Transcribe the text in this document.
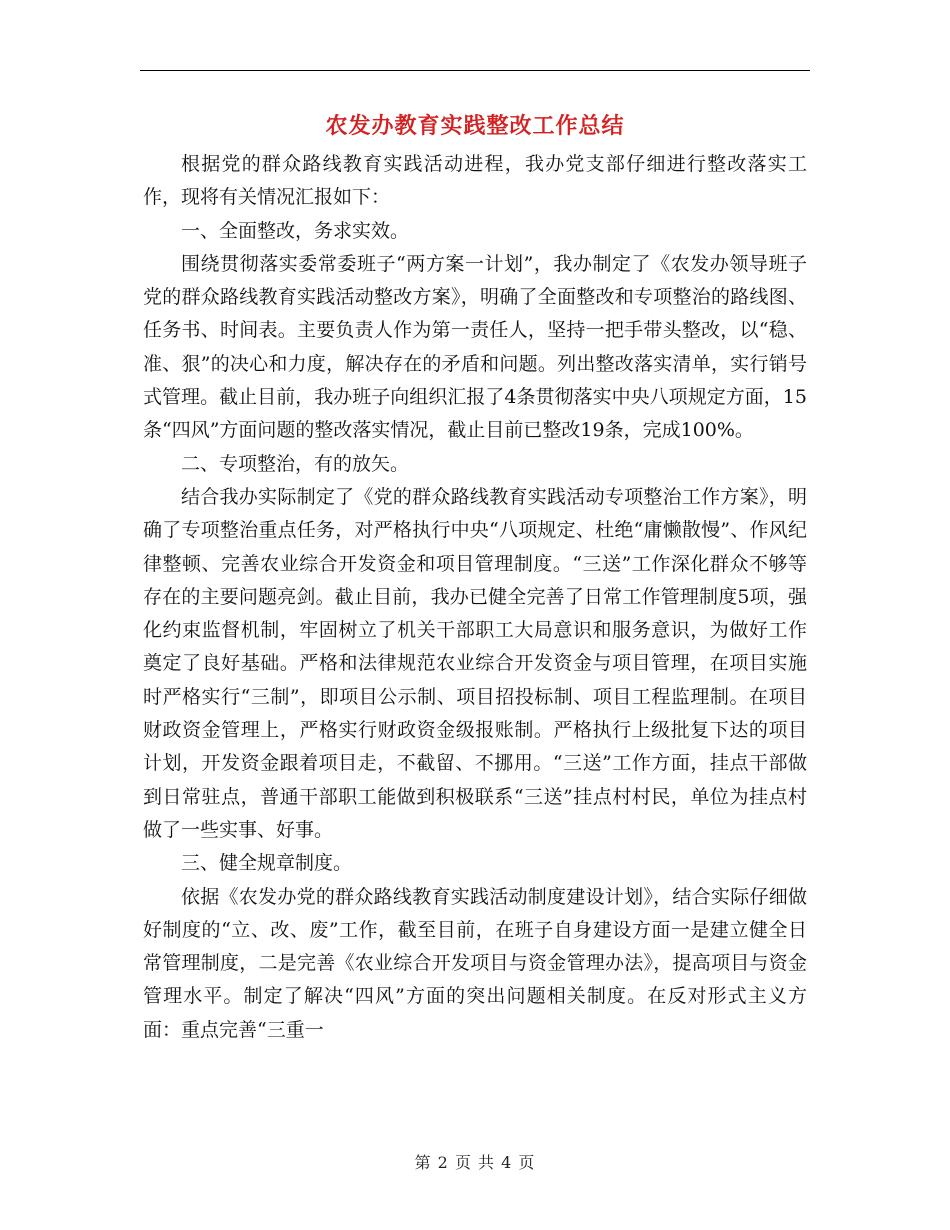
农发办教育实践整改工作总结

根据党的群众路线教育实践活动进程，我办党支部仔细进行整改落实工作，现将有关情况汇报如下：

一、全面整改，务求实效。

围绕贯彻落实委常委班子“两方案一计划”，我办制定了《农发办领导班子党的群众路线教育实践活动整改方案》，明确了全面整改和专项整治的路线图、任务书、时间表。主要负责人作为第一责任人，坚持一把手带头整改，以“稳、准、狠”的决心和力度，解决存在的矛盾和问题。列出整改落实清单，实行销号式管理。截止目前，我办班子向组织汇报了4条贯彻落实中央八项规定方面，15条“四风”方面问题的整改落实情况，截止目前已整改19条，完成100%。

二、专项整治，有的放矢。

结合我办实际制定了《党的群众路线教育实践活动专项整治工作方案》，明确了专项整治重点任务，对严格执行中央“八项规定、杜绝“庸懒散慢”、作风纪律整顿、完善农业综合开发资金和项目管理制度。“三送”工作深化群众不够等存在的主要问题亮剑。截止目前，我办已健全完善了日常工作管理制度5项，强化约束监督机制，牢固树立了机关干部职工大局意识和服务意识，为做好工作奠定了良好基础。严格和法律规范农业综合开发资金与项目管理，在项目实施时严格实行“三制”，即项目公示制、项目招投标制、项目工程监理制。在项目财政资金管理上，严格实行财政资金级报账制。严格执行上级批复下达的项目计划，开发资金跟着项目走，不截留、不挪用。“三送”工作方面，挂点干部做到日常驻点，普通干部职工能做到积极联系“三送”挂点村村民，单位为挂点村做了一些实事、好事。

三、健全规章制度。

依据《农发办党的群众路线教育实践活动制度建设计划》，结合实际仔细做好制度的“立、改、废”工作，截至目前，在班子自身建设方面一是建立健全日常管理制度，二是完善《农业综合开发项目与资金管理办法》，提高项目与资金管理水平。制定了解决“四风”方面的突出问题相关制度。在反对形式主义方面：重点完善“三重一

第 2 页 共 4 页
